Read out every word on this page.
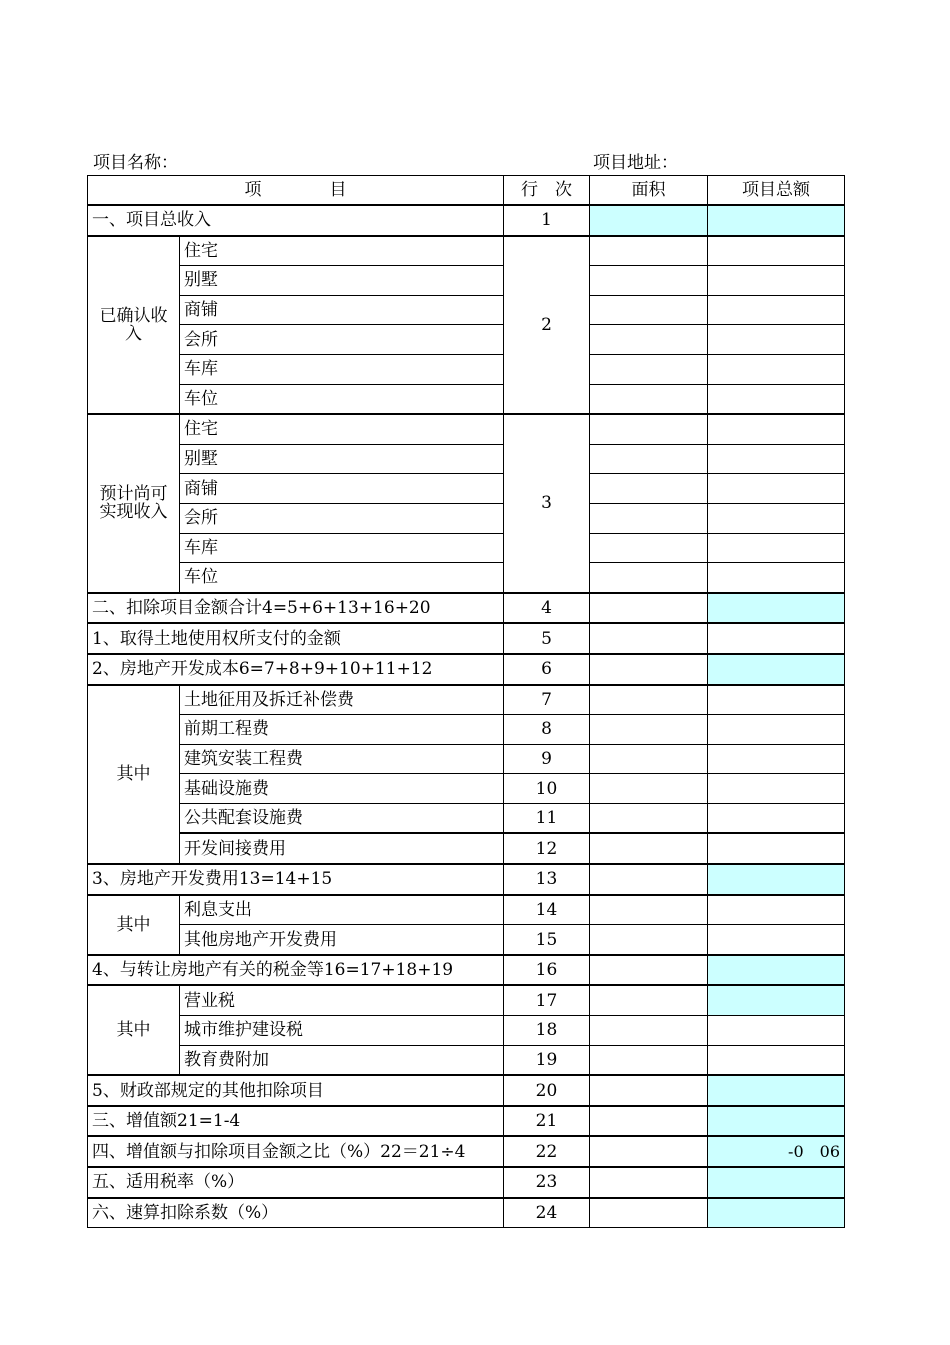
项目名称：	项目地址：
项　　　　目		行　次	面积	项目总额
一、项目总收入		1		
已确认收入	住宅	2		
	别墅			
	商铺			
	会所			
	车库			
	车位			
预计尚可实现收入	住宅	3		
	别墅			
	商铺			
	会所			
	车库			
	车位			
二、扣除项目金额合计4=5+6+13+16+20		4		
1、取得土地使用权所支付的金额		5		
2、房地产开发成本6=7+8+9+10+11+12		6		
其中	土地征用及拆迁补偿费	7		
	前期工程费	8		
	建筑安装工程费	9		
	基础设施费	10		
	公共配套设施费	11		
	开发间接费用	12		
3、房地产开发费用13=14+15		13		
其中	利息支出	14		
	其他房地产开发费用	15		
4、与转让房地产有关的税金等16=17+18+19		16		
其中	营业税	17		
	城市维护建设税	18		
	教育费附加	19		
5、财政部规定的其他扣除项目		20		
三、增值额21=1-4		21		
四、增值额与扣除项目金额之比（%）22＝21÷4		22		-0　06
五、适用税率（%）		23		
六、速算扣除系数（%）		24		
